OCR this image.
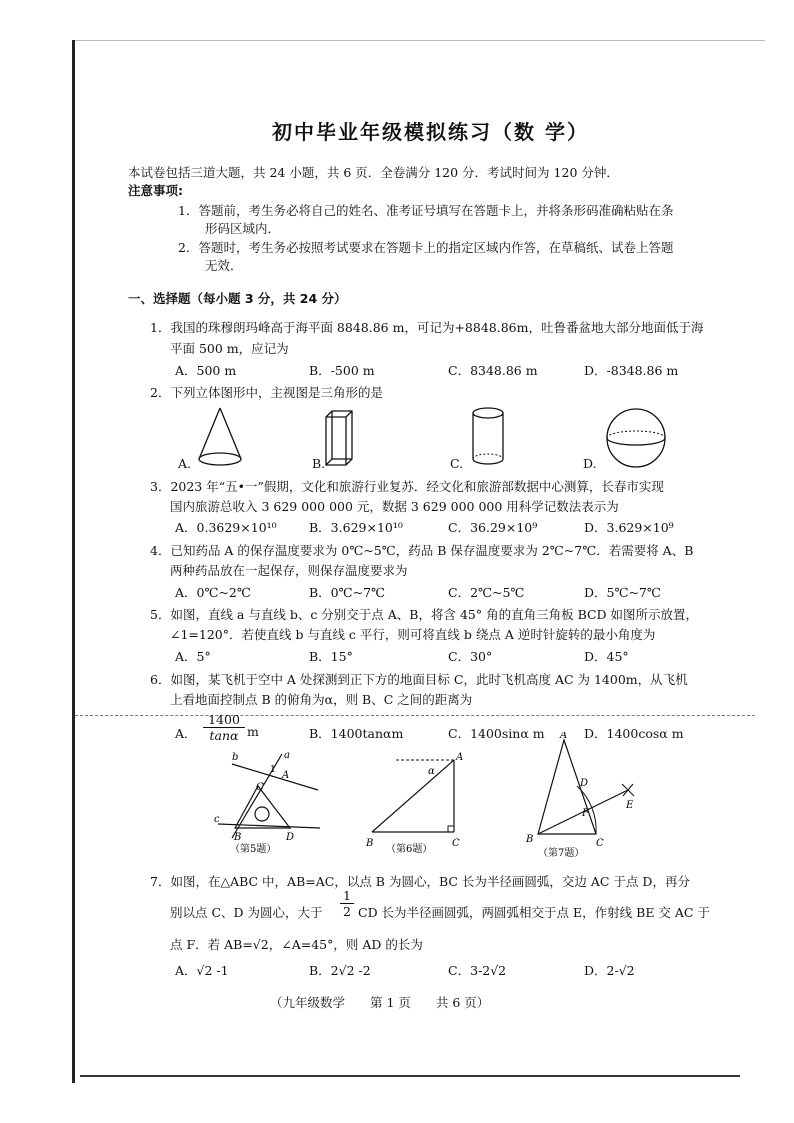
初中毕业年级模拟练习（数 学）
本试卷包括三道大题，共 24 小题，共 6 页．全卷满分 120 分．考试时间为 120 分钟．
注意事项:
1．答题前，考生务必将自己的姓名、准考证号填写在答题卡上，并将条形码准确粘贴在条
形码区域内．
2．答题时，考生务必按照考试要求在答题卡上的指定区域内作答，在草稿纸、试卷上答题
无效．
一、选择题（每小题 3 分，共 24 分）
1．我国的珠穆朗玛峰高于海平面 8848.86 m，可记为+8848.86m，吐鲁番盆地大部分地面低于海
平面 500 m，应记为
A．500 m	B．-500 m	C．8348.86 m	D．-8348.86 m
2．下列立体图形中，主视图是三角形的是
A.	B.	C.	D.
3．2023 年“五•一”假期，文化和旅游行业复苏．经文化和旅游部数据中心测算，长春市实现
国内旅游总收入 3 629 000 000 元，数据 3 629 000 000 用科学记数法表示为
A．0.3629×10¹⁰	B．3.629×10¹⁰	C．36.29×10⁹	D．3.629×10⁹
4．已知药品 A 的保存温度要求为 0℃~5℃，药品 B 保存温度要求为 2℃~7℃．若需要将 A、B
两种药品放在一起保存，则保存温度要求为
A．0℃~2℃	B．0℃~7℃	C．2℃~5℃	D．5℃~7℃
5．如图，直线 a 与直线 b、c 分别交于点 A、B，将含 45° 角的直角三角板 BCD 如图所示放置，
∠1=120°．若使直线 b 与直线 c 平行，则可将直线 b 绕点 A 逆时针旋转的最小角度为
A．5°	B．15°	C．30°	D．45°
6．如图，某飞机于空中 A 处探测到正下方的地面目标 C，此时飞机高度 AC 为 1400m，从飞机
上看地面控制点 B 的俯角为α，则 B、C 之间的距离为
A． $\frac{1400}{\tan\alpha}$ m	B．1400tanαm	C．1400sinα m	D．1400cosα m
b	a
1 A
C
c
B	D
（第5题）
α
A
B	C
（第6题）
A
D
E
F
B	C
（第7题）
7．如图，在△ABC 中，AB=AC，以点 B 为圆心，BC 长为半径画圆弧，交边 AC 于点 D，再分
别以点 C、D 为圆心，大于 $\frac{1}{2}$ CD 长为半径画圆弧，两圆弧相交于点 E，作射线 BE 交 AC 于
点 F．若 AB=√2，∠A=45°，则 AD 的长为
A．√2 -1	B．2√2 -2	C．3-2√2	D．2-√2
（九年级数学　　第 1 页　　共 6 页）
